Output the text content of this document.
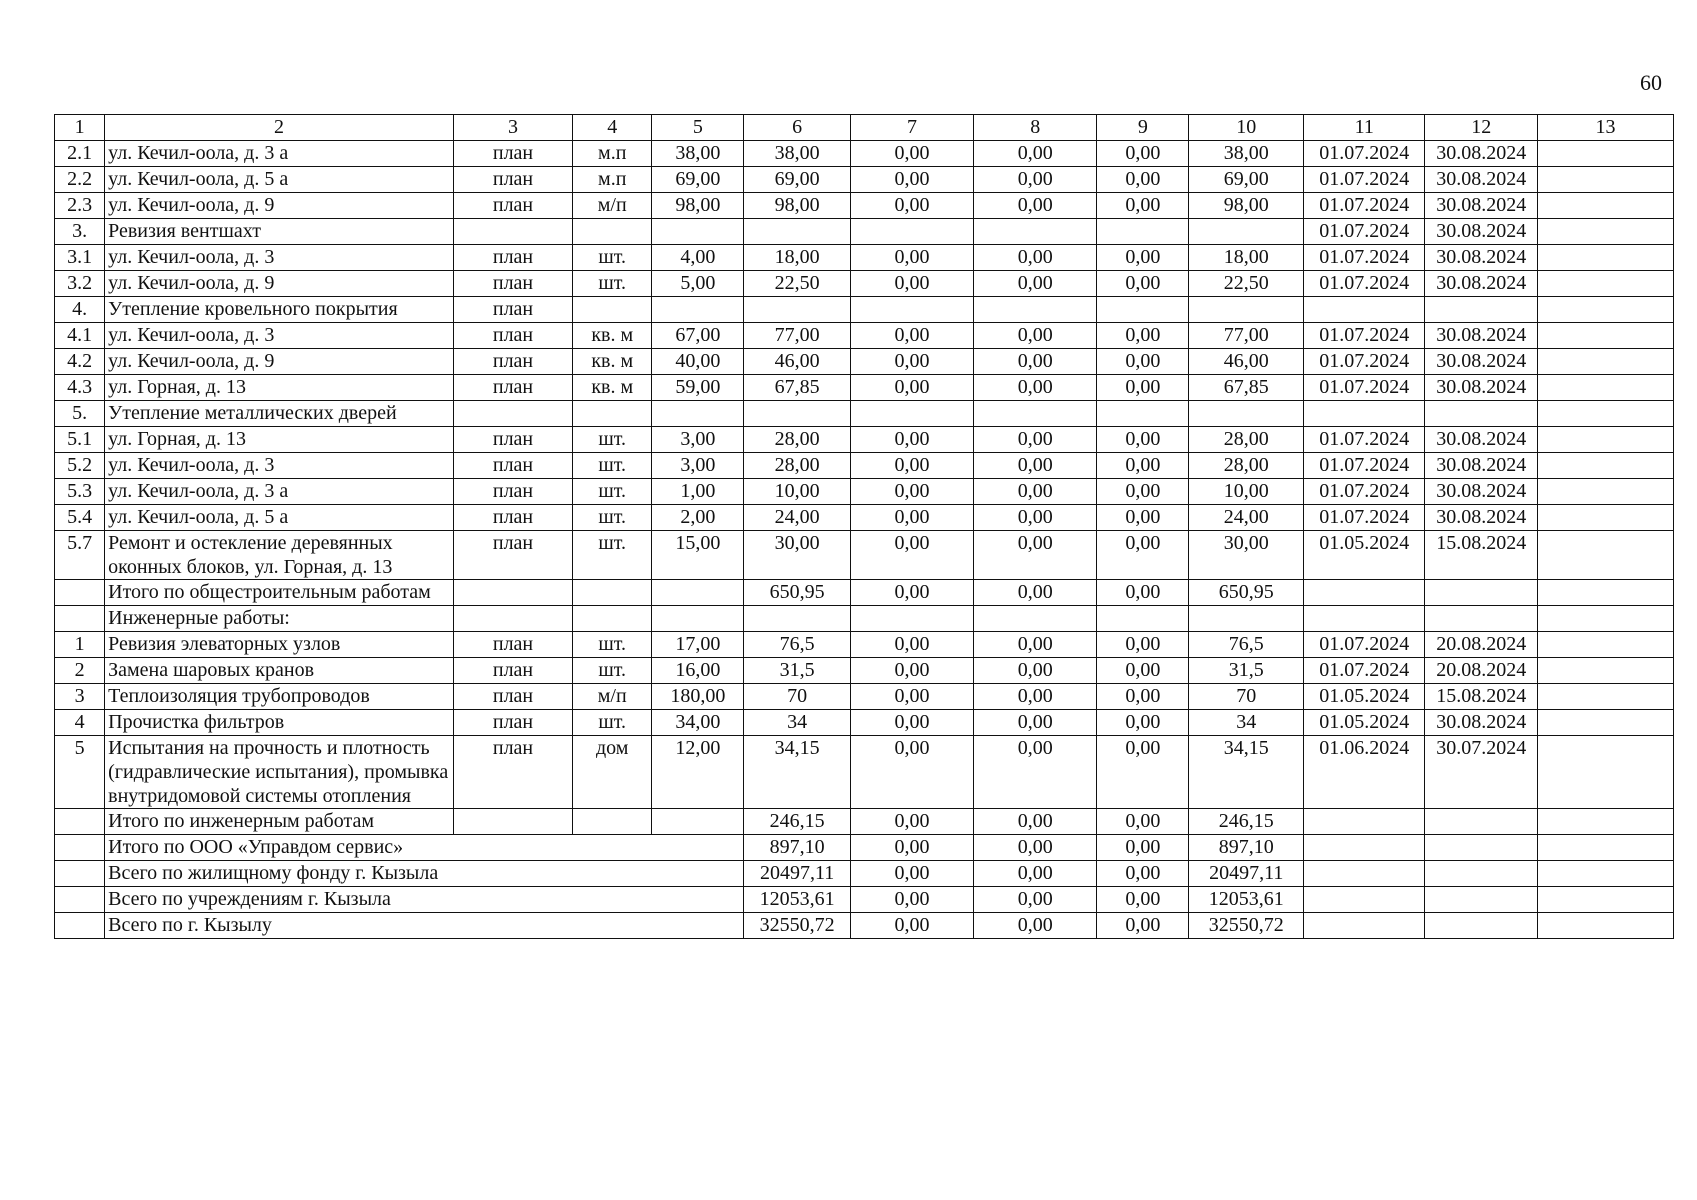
60
1	2	3	4	5	6	7	8	9	10	11	12	13
2.1	ул. Кечил-оола, д. 3 а	план	м.п	38,00	38,00	0,00	0,00	0,00	38,00	01.07.2024	30.08.2024	
2.2	ул. Кечил-оола, д. 5 а	план	м.п	69,00	69,00	0,00	0,00	0,00	69,00	01.07.2024	30.08.2024	
2.3	ул. Кечил-оола, д. 9	план	м/п	98,00	98,00	0,00	0,00	0,00	98,00	01.07.2024	30.08.2024	
3.	Ревизия вентшахт									01.07.2024	30.08.2024	
3.1	ул. Кечил-оола, д. 3	план	шт.	4,00	18,00	0,00	0,00	0,00	18,00	01.07.2024	30.08.2024	
3.2	ул. Кечил-оола, д. 9	план	шт.	5,00	22,50	0,00	0,00	0,00	22,50	01.07.2024	30.08.2024	
4.	Утепление кровельного покрытия	план										
4.1	ул. Кечил-оола, д. 3	план	кв. м	67,00	77,00	0,00	0,00	0,00	77,00	01.07.2024	30.08.2024	
4.2	ул. Кечил-оола, д. 9	план	кв. м	40,00	46,00	0,00	0,00	0,00	46,00	01.07.2024	30.08.2024	
4.3	ул. Горная, д. 13	план	кв. м	59,00	67,85	0,00	0,00	0,00	67,85	01.07.2024	30.08.2024	
5.	Утепление металлических дверей											
5.1	ул. Горная, д. 13	план	шт.	3,00	28,00	0,00	0,00	0,00	28,00	01.07.2024	30.08.2024	
5.2	ул. Кечил-оола, д. 3	план	шт.	3,00	28,00	0,00	0,00	0,00	28,00	01.07.2024	30.08.2024	
5.3	ул. Кечил-оола, д. 3 а	план	шт.	1,00	10,00	0,00	0,00	0,00	10,00	01.07.2024	30.08.2024	
5.4	ул. Кечил-оола, д. 5 а	план	шт.	2,00	24,00	0,00	0,00	0,00	24,00	01.07.2024	30.08.2024	
5.7	Ремонт и остекление деревянных оконных блоков, ул. Горная, д. 13	план	шт.	15,00	30,00	0,00	0,00	0,00	30,00	01.05.2024	15.08.2024	
	Итого по общестроительным работам				650,95	0,00	0,00	0,00	650,95			
	Инженерные работы:											
1	Ревизия элеваторных узлов	план	шт.	17,00	76,5	0,00	0,00	0,00	76,5	01.07.2024	20.08.2024	
2	Замена шаровых кранов	план	шт.	16,00	31,5	0,00	0,00	0,00	31,5	01.07.2024	20.08.2024	
3	Теплоизоляция трубопроводов	план	м/п	180,00	70	0,00	0,00	0,00	70	01.05.2024	15.08.2024	
4	Прочистка фильтров	план	шт.	34,00	34	0,00	0,00	0,00	34	01.05.2024	30.08.2024	
5	Испытания на прочность и плотность (гидравлические испытания), промывка внутридомовой системы отопления	план	дом	12,00	34,15	0,00	0,00	0,00	34,15	01.06.2024	30.07.2024	
	Итого по инженерным работам				246,15	0,00	0,00	0,00	246,15			
	Итого по ООО «Управдом сервис»				897,10	0,00	0,00	0,00	897,10			
	Всего по жилищному фонду г. Кызыла				20497,11	0,00	0,00	0,00	20497,11			
	Всего по учреждениям г. Кызыла				12053,61	0,00	0,00	0,00	12053,61			
	Всего по г. Кызылу				32550,72	0,00	0,00	0,00	32550,72			
